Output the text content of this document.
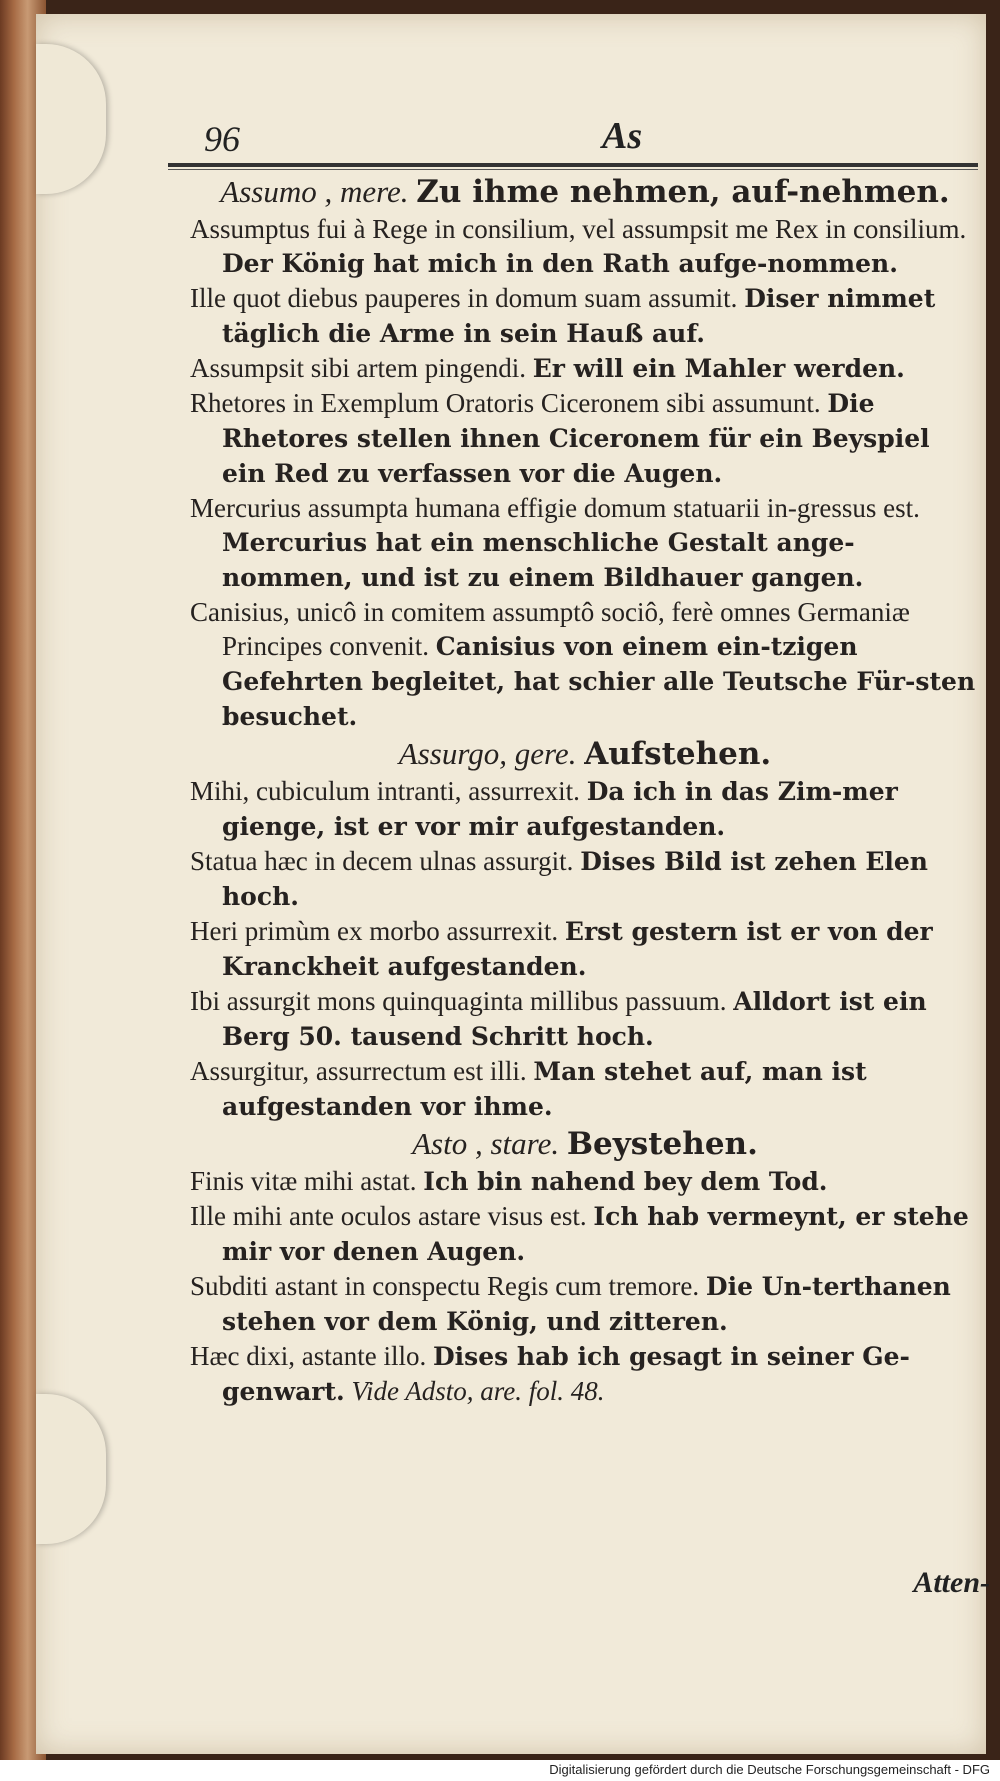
96	As
Assumo , mere. Zu ihme nehmen, auf-nehmen.
Assumptus fui à Rege in consilium, vel assumpsit me Rex in consilium. Der König hat mich in den Rath aufge-nommen.
Ille quot diebus pauperes in domum suam assumit. Diser nimmet täglich die Arme in sein Hauß auf.
Assumpsit sibi artem pingendi. Er will ein Mahler werden.
Rhetores in Exemplum Oratoris Ciceronem sibi assumunt. Die Rhetores stellen ihnen Ciceronem für ein Beyspiel ein Red zu verfassen vor die Augen.
Mercurius assumpta humana effigie domum statuarii in-gressus est. Mercurius hat ein menschliche Gestalt ange-nommen, und ist zu einem Bildhauer gangen.
Canisius, unicô in comitem assumptô sociô, ferè omnes Germaniæ Principes convenit. Canisius von einem ein-tzigen Gefehrten begleitet, hat schier alle Teutsche Für-sten besuchet.
Assurgo, gere. Aufstehen.
Mihi, cubiculum intranti, assurrexit. Da ich in das Zim-mer gienge, ist er vor mir aufgestanden.
Statua hæc in decem ulnas assurgit. Dises Bild ist zehen Elen hoch.
Heri primùm ex morbo assurrexit. Erst gestern ist er von der Kranckheit aufgestanden.
Ibi assurgit mons quinquaginta millibus passuum. Alldort ist ein Berg 50. tausend Schritt hoch.
Assurgitur, assurrectum est illi. Man stehet auf, man ist aufgestanden vor ihme.
Asto , stare. Beystehen.
Finis vitæ mihi astat. Ich bin nahend bey dem Tod.
Ille mihi ante oculos astare visus est. Ich hab vermeynt, er stehe mir vor denen Augen.
Subditi astant in conspectu Regis cum tremore. Die Un-terthanen stehen vor dem König, und zitteren.
Hæc dixi, astante illo. Dises hab ich gesagt in seiner Ge-genwart. Vide Adsto, are. fol. 48.
Atten-
Digitalisierung gefördert durch die Deutsche Forschungsgemeinschaft - DFG
